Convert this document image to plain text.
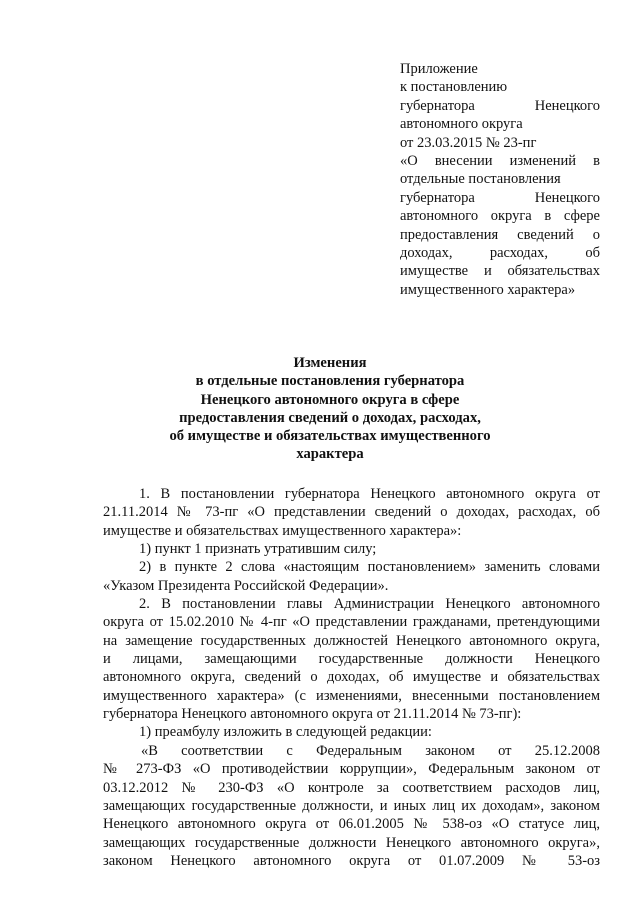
Приложение
к постановлению
губернатора Ненецкого
автономного округа
от 23.03.2015 № 23-пг
«О внесении изменений в
отдельные постановления
губернатора Ненецкого
автономного округа в сфере
предоставления сведений о
доходах, расходах, об
имуществе и обязательствах
имущественного характера»
Изменения
в отдельные постановления губернатора
Ненецкого автономного округа в сфере
предоставления сведений о доходах, расходах,
об имуществе и обязательствах имущественного
характера
1. В постановлении губернатора Ненецкого автономного округа от
21.11.2014 № 73-пг «О представлении сведений о доходах, расходах, об
имуществе и обязательствах имущественного характера»:
1) пункт 1 признать утратившим силу;
2) в пункте 2 слова «настоящим постановлением» заменить словами
«Указом Президента Российской Федерации».
2. В постановлении главы Администрации Ненецкого автономного
округа от 15.02.2010 № 4-пг «О представлении гражданами, претендующими
на замещение государственных должностей Ненецкого автономного округа,
и лицами, замещающими государственные должности Ненецкого
автономного округа, сведений о доходах, об имуществе и обязательствах
имущественного характера» (с изменениями, внесенными постановлением
губернатора Ненецкого автономного округа от 21.11.2014 № 73-пг):
1) преамбулу изложить в следующей редакции:
«В соответствии с Федеральным законом от 25.12.2008
№ 273-ФЗ «О противодействии коррупции», Федеральным законом от
03.12.2012 № 230-ФЗ «О контроле за соответствием расходов лиц,
замещающих государственные должности, и иных лиц их доходам», законом
Ненецкого автономного округа от 06.01.2005 № 538-оз «О статусе лиц,
замещающих государственные должности Ненецкого автономного округа»,
законом Ненецкого автономного округа от 01.07.2009 № 53-оз
